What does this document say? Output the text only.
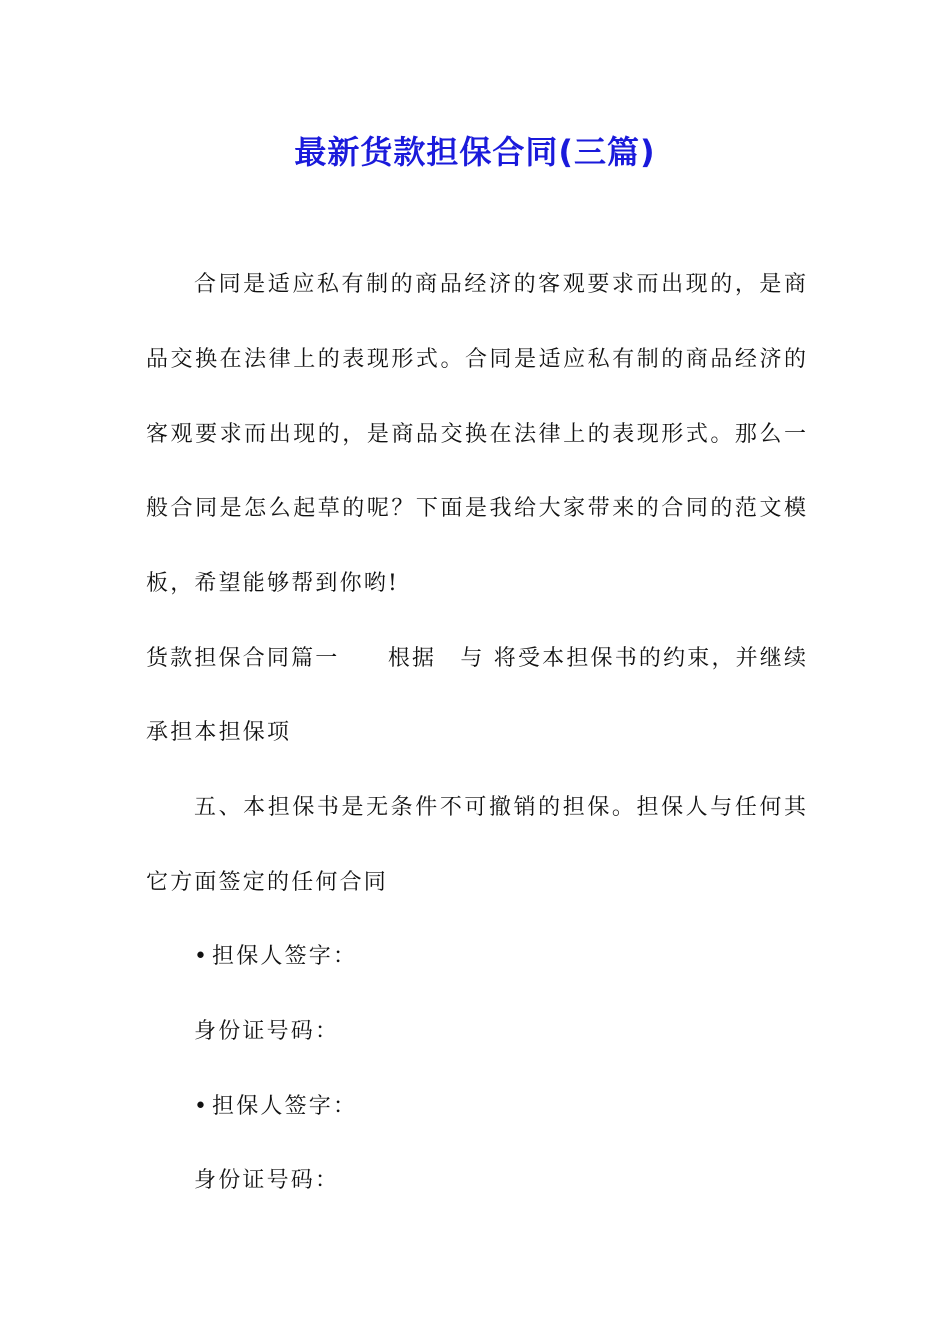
最新货款担保合同(三篇)
合同是适应私有制的商品经济的客观要求而出现的，是商
品交换在法律上的表现形式。合同是适应私有制的商品经济的
客观要求而出现的，是商品交换在法律上的表现形式。那么一
般合同是怎么起草的呢？下面是我给大家带来的合同的范文模
板，希望能够帮到你哟!
货款担保合同篇一　　根据　与 将受本担保书的约束，并继续
承担本担保项
五、本担保书是无条件不可撤销的担保。担保人与任何其
它方面签定的任何合同
• 担保人签字：
身份证号码：
• 担保人签字：
身份证号码：
